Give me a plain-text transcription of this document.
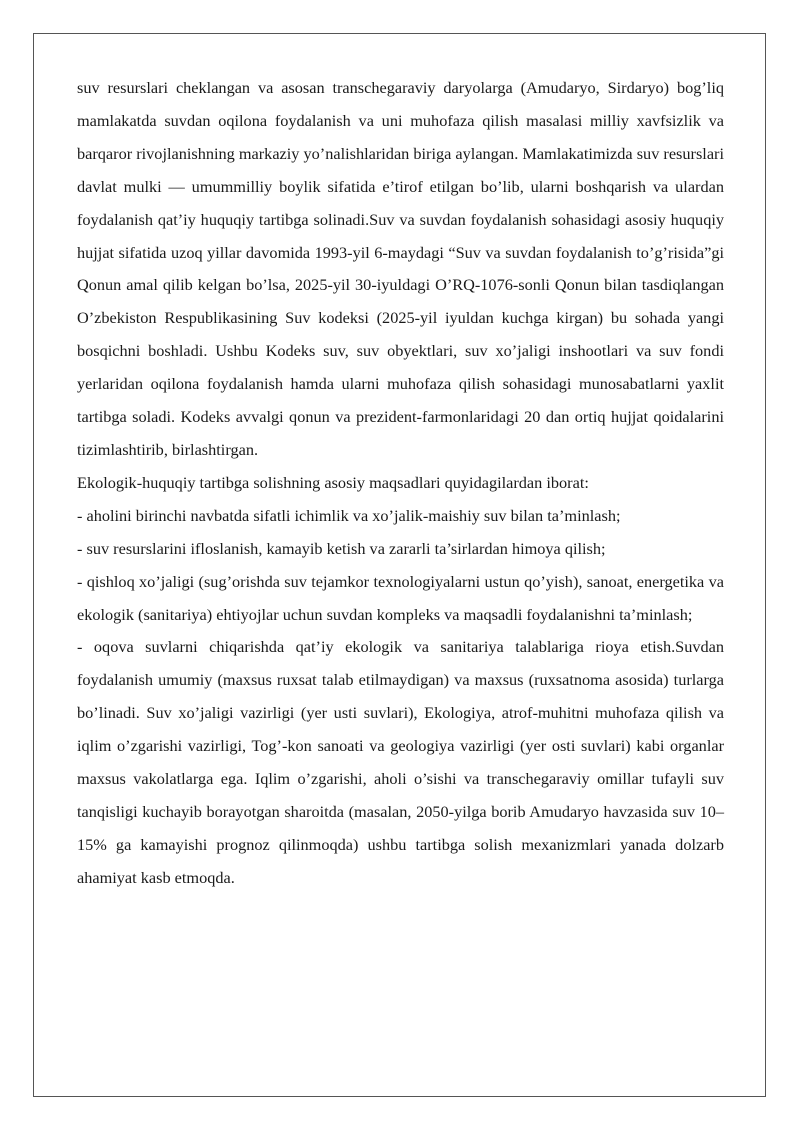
suv resurslari cheklangan va asosan transchegaraviy daryolarga (Amudaryo, Sirdaryo) bog’liq mamlakatda suvdan oqilona foydalanish va uni muhofaza qilish masalasi milliy xavfsizlik va barqaror rivojlanishning markaziy yo’nalishlaridan biriga aylangan. Mamlakatimizda suv resurslari davlat mulki — umummilliy boylik sifatida e’tirof etilgan bo’lib, ularni boshqarish va ulardan foydalanish qat’iy huquqiy tartibga solinadi.Suv va suvdan foydalanish sohasidagi asosiy huquqiy hujjat sifatida uzoq yillar davomida 1993-yil 6-maydagi “Suv va suvdan foydalanish to’g’risida”gi Qonun amal qilib kelgan bo’lsa, 2025-yil 30-iyuldagi O’RQ-1076-sonli Qonun bilan tasdiqlangan O’zbekiston Respublikasining Suv kodeksi (2025-yil iyuldan kuchga kirgan) bu sohada yangi bosqichni boshladi. Ushbu Kodeks suv, suv obyektlari, suv xo’jaligi inshootlari va suv fondi yerlaridan oqilona foydalanish hamda ularni muhofaza qilish sohasidagi munosabatlarni yaxlit tartibga soladi. Kodeks avvalgi qonun va prezident-farmonlaridagi 20 dan ortiq hujjat qoidalarini tizimlashtirib, birlashtirgan.

Ekologik-huquqiy tartibga solishning asosiy maqsadlari quyidagilardan iborat:

- aholini birinchi navbatda sifatli ichimlik va xo’jalik-maishiy suv bilan ta’minlash;

- suv resurslarini ifloslanish, kamayib ketish va zararli ta’sirlardan himoya qilish;

- qishloq xo’jaligi (sug’orishda suv tejamkor texnologiyalarni ustun qo’yish), sanoat, energetika va ekologik (sanitariya) ehtiyojlar uchun suvdan kompleks va maqsadli foydalanishni ta’minlash;

- oqova suvlarni chiqarishda qat’iy ekologik va sanitariya talablariga rioya etish.Suvdan foydalanish umumiy (maxsus ruxsat talab etilmaydigan) va maxsus (ruxsatnoma asosida) turlarga bo’linadi. Suv xo’jaligi vazirligi (yer usti suvlari), Ekologiya, atrof-muhitni muhofaza qilish va iqlim o’zgarishi vazirligi, Tog’-kon sanoati va geologiya vazirligi (yer osti suvlari) kabi organlar maxsus vakolatlarga ega. Iqlim o’zgarishi, aholi o’sishi va transchegaraviy omillar tufayli suv tanqisligi kuchayib borayotgan sharoitda (masalan, 2050-yilga borib Amudaryo havzasida suv 10–15% ga kamayishi prognoz qilinmoqda) ushbu tartibga solish mexanizmlari yanada dolzarb ahamiyat kasb etmoqda.
